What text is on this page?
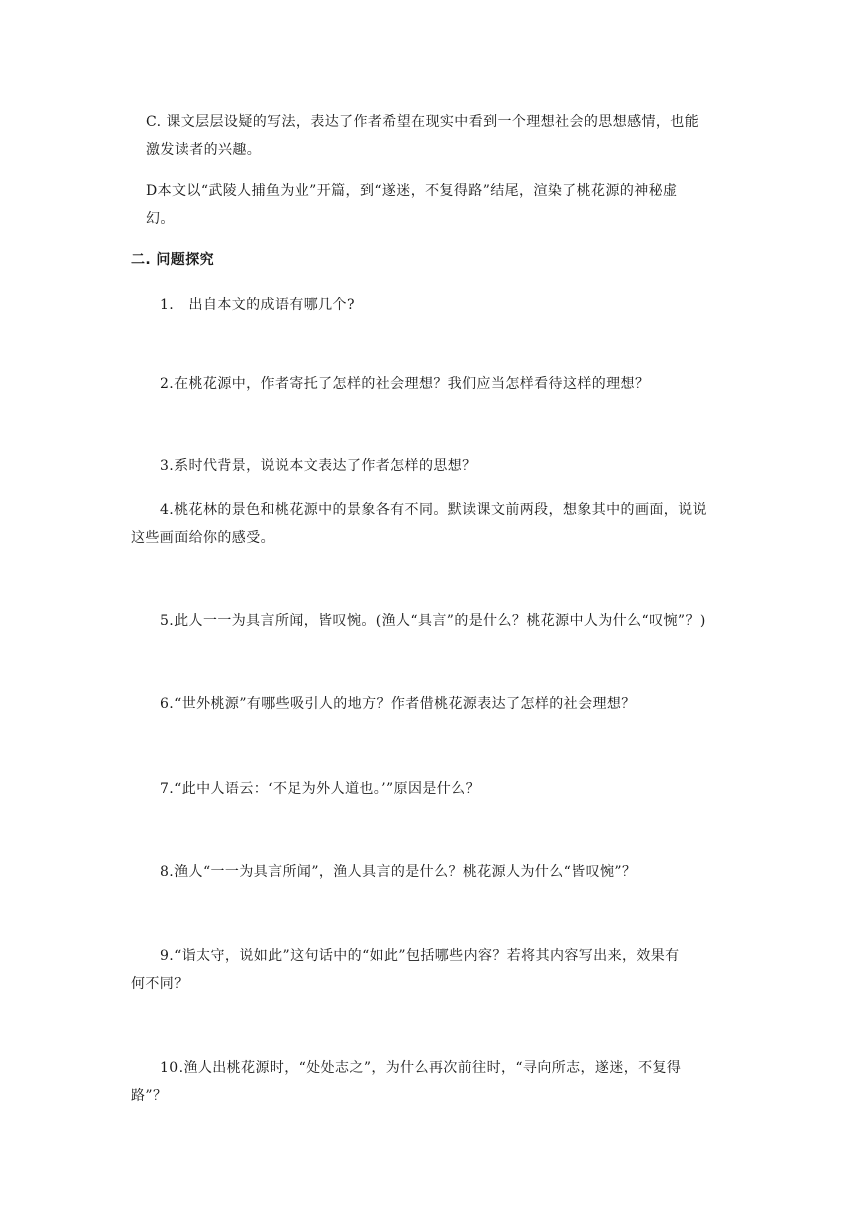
C. 课文层层设疑的写法，表达了作者希望在现实中看到一个理想社会的思想感情，也能
激发读者的兴趣。
D本文以“武陵人捕鱼为业”开篇，到“遂迷，不复得路”结尾，渲染了桃花源的神秘虚
幻。
二. 问题探究
1.　出自本文的成语有哪几个?
2.在桃花源中，作者寄托了怎样的社会理想？我们应当怎样看待这样的理想？
3.系时代背景，说说本文表达了作者怎样的思想？
4.桃花林的景色和桃花源中的景象各有不同。默读课文前两段，想象其中的画面，说说
这些画面给你的感受。
5.此人一一为具言所闻，皆叹惋。(渔人“具言”的是什么？桃花源中人为什么“叹惋”？)
6.“世外桃源”有哪些吸引人的地方？作者借桃花源表达了怎样的社会理想？
7.“此中人语云：‘不足为外人道也。’”原因是什么？
8.渔人“一一为具言所闻”，渔人具言的是什么？桃花源人为什么“皆叹惋”？
9.“诣太守，说如此”这句话中的“如此”包括哪些内容？若将其内容写出来，效果有
何不同？
10.渔人出桃花源时，“处处志之”，为什么再次前往时，“寻向所志，遂迷，不复得
路”？
